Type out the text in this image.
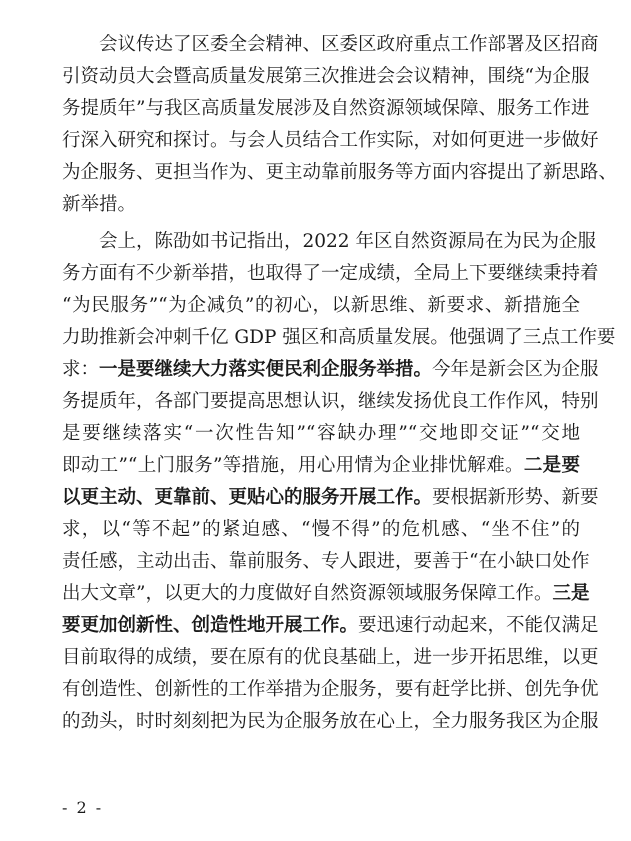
　　会议传达了区委全会精神、区委区政府重点工作部署及区招商
引资动员大会暨高质量发展第三次推进会会议精神，围绕“为企服
务提质年”与我区高质量发展涉及自然资源领域保障、服务工作进
行深入研究和探讨。与会人员结合工作实际，对如何更进一步做好
为企服务、更担当作为、更主动靠前服务等方面内容提出了新思路、
新举措。
　　会上，陈劭如书记指出，2022 年区自然资源局在为民为企服
务方面有不少新举措，也取得了一定成绩，全局上下要继续秉持着
“为民服务”“为企减负”的初心，以新思维、新要求、新措施全
力助推新会冲刺千亿 GDP 强区和高质量发展。他强调了三点工作要
求：一是要继续大力落实便民利企服务举措。今年是新会区为企服
务提质年，各部门要提高思想认识，继续发扬优良工作作风，特别
是要继续落实“一次性告知”“容缺办理”“交地即交证”“交地
即动工”“上门服务”等措施，用心用情为企业排忧解难。二是要
以更主动、更靠前、更贴心的服务开展工作。要根据新形势、新要
求，以“等不起”的紧迫感、“慢不得”的危机感、“坐不住”的
责任感，主动出击、靠前服务、专人跟进，要善于“在小缺口处作
出大文章”，以更大的力度做好自然资源领域服务保障工作。三是
要更加创新性、创造性地开展工作。要迅速行动起来，不能仅满足
目前取得的成绩，要在原有的优良基础上，进一步开拓思维，以更
有创造性、创新性的工作举措为企服务，要有赶学比拼、创先争优
的劲头，时时刻刻把为民为企服务放在心上，全力服务我区为企服
- 2 -
